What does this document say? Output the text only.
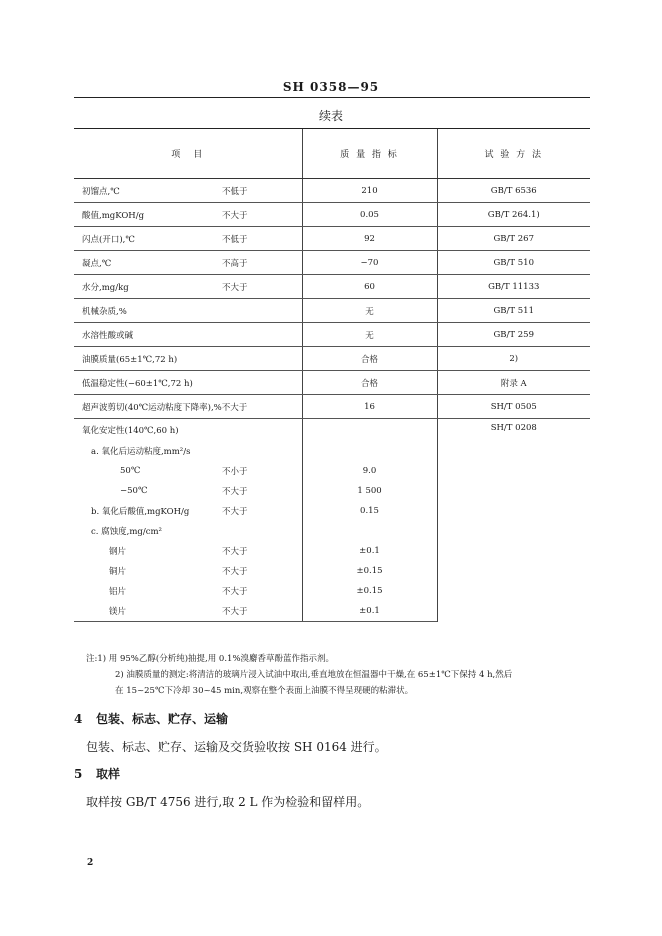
SH 0358—95
续表
项　目	质 量 指 标	试 验 方 法

初馏点,℃ 不低于	210	GB/T 6536

酸值,mgKOH/g 不大于	0.05	GB/T 264.1)

闪点(开口),℃ 不低于	92	GB/T 267

凝点,℃ 不高于	−70	GB/T 510

水分,mg/kg 不大于	60	GB/T 11133

机械杂质,%	无	GB/T 511

水溶性酸或碱	无	GB/T 259

油膜质量(65±1℃,72 h)	合格	2)

低温稳定性(−60±1℃,72 h)	合格	附录 A

超声波剪切(40℃运动粘度下降率),%不大于	16	SH/T 0505

氧化安定性(140℃,60 h)		SH/T 0208

a. 氧化后运动粘度,mm²/s		

50℃ 不小于	9.0	

−50℃ 不大于	1 500	

b. 氧化后酸值,mgKOH/g 不大于	0.15	

c. 腐蚀度,mg/cm²		

钢片 不大于	±0.1	

铜片 不大于	±0.15	

铝片 不大于	±0.15	

镁片 不大于	±0.1	
注:1) 用 95%乙醇(分析纯)抽提,用 0.1%溴麝香草酚蓝作指示剂。
2) 油膜质量的测定:将清洁的玻璃片浸入试油中取出,垂直地放在恒温器中干燥,在 65±1℃下保持 4 h,然后
在 15~25℃下冷却 30~45 min,观察在整个表面上油膜不得呈现硬的粘滞状。
4 包装、标志、贮存、运输
包装、标志、贮存、运输及交货验收按 SH 0164 进行。
5 取样
取样按 GB/T 4756 进行,取 2 L 作为检验和留样用。
2
